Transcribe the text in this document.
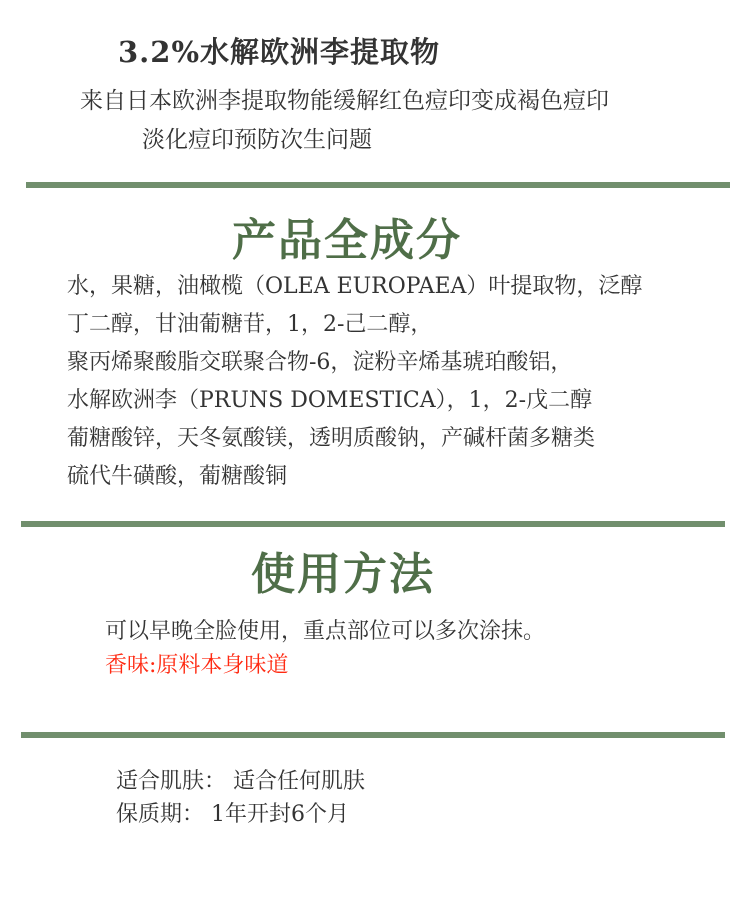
3.2%水解欧洲李提取物
来自日本欧洲李提取物能缓解红色痘印变成褐色痘印
淡化痘印预防次生问题
产品全成分
水，果糖，油橄榄（OLEA EUROPAEA）叶提取物，泛醇
丁二醇，甘油葡糖苷，1，2-己二醇，
聚丙烯聚酸脂交联聚合物-6，淀粉辛烯基琥珀酸铝，
水解欧洲李（PRUNS DOMESTICA），1，2-戊二醇
葡糖酸锌，天冬氨酸镁，透明质酸钠，产碱杆菌多糖类
硫代牛磺酸，葡糖酸铜
使用方法
可以早晚全脸使用，重点部位可以多次涂抹。
香味:原料本身味道
适合肌肤： 适合任何肌肤
保质期： 1年开封6个月
